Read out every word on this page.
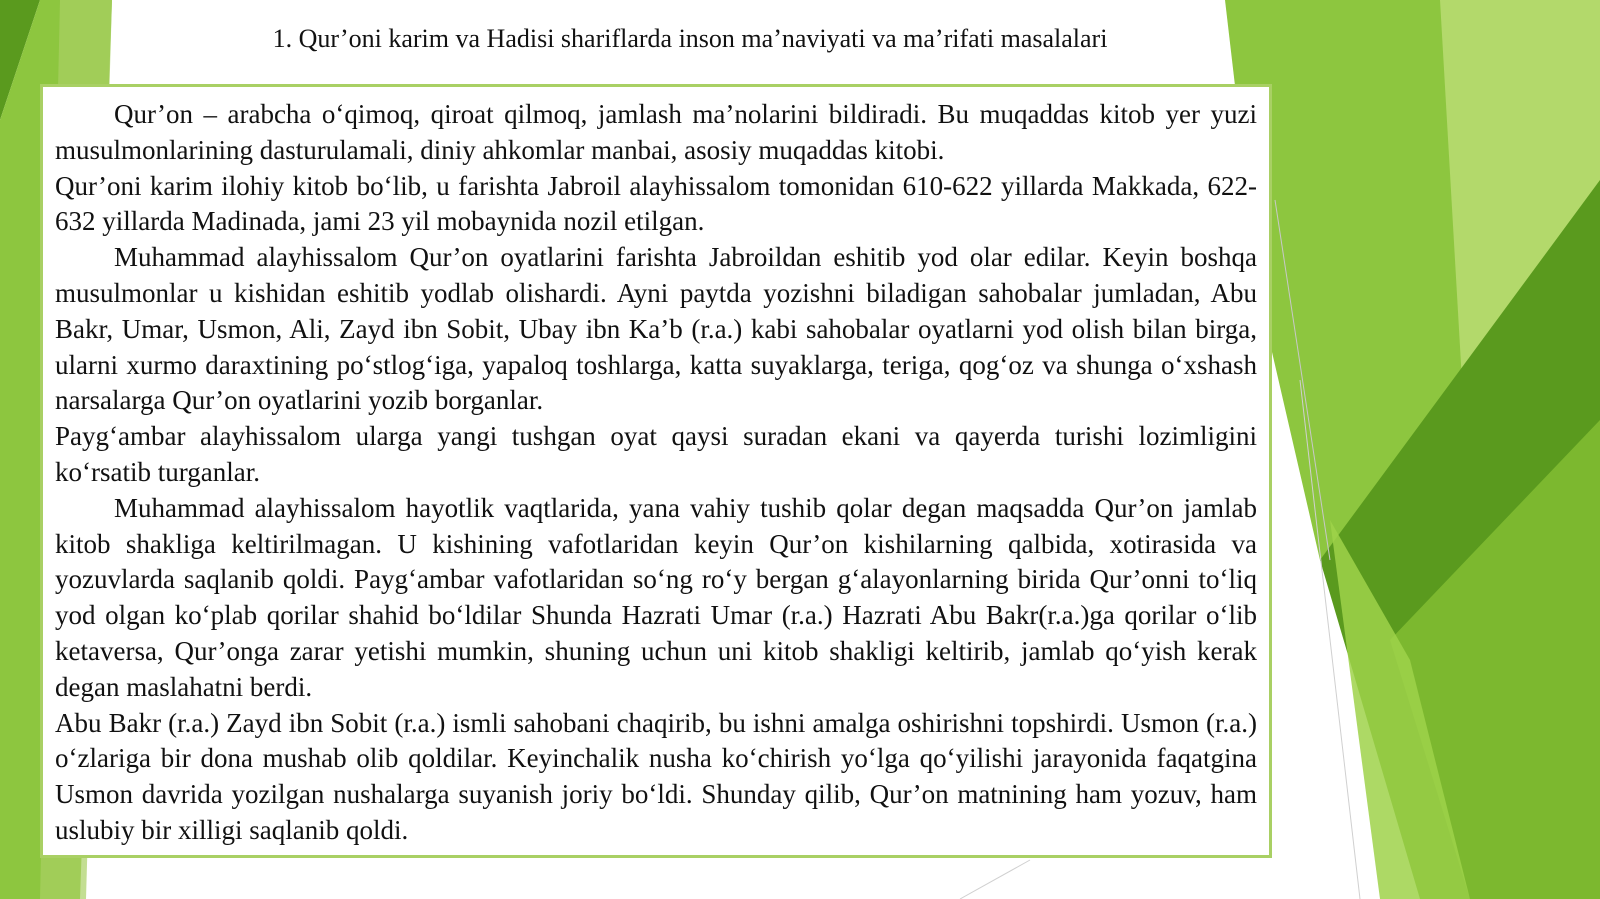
1. Qur’oni karim va Hadisi shariflarda inson ma’naviyati va ma’rifati masalalari

Qur’on – arabcha o‘qimoq, qiroat qilmoq, jamlash ma’nolarini bildiradi. Bu muqaddas kitob yer yuzi musulmonlarining dasturulamali, diniy ahkomlar manbai, asosiy muqaddas kitobi.

Qur’oni karim ilohiy kitob bo‘lib, u farishta Jabroil alayhissalom tomonidan 610-622 yillarda Makkada, 622-632 yillarda Madinada, jami 23 yil mobaynida nozil etilgan.

Muhammad alayhissalom Qur’on oyatlarini farishta Jabroildan eshitib yod olar edilar. Keyin boshqa musulmonlar u kishidan eshitib yodlab olishardi. Ayni paytda yozishni biladigan sahobalar jumladan, Abu Bakr, Umar, Usmon, Ali, Zayd ibn Sobit, Ubay ibn Ka’b (r.a.) kabi sahobalar oyatlarni yod olish bilan birga, ularni xurmo daraxtining po‘stlog‘iga, yapaloq toshlarga, katta suyaklarga, teriga, qog‘oz va shunga o‘xshash narsalarga Qur’on oyatlarini yozib borganlar.

Payg‘ambar alayhissalom ularga yangi tushgan oyat qaysi suradan ekani va qayerda turishi lozimligini ko‘rsatib turganlar.

Muhammad alayhissalom hayotlik vaqtlarida, yana vahiy tushib qolar degan maqsadda Qur’on jamlab kitob shakliga keltirilmagan. U kishining vafotlaridan keyin Qur’on kishilarning qalbida, xotirasida va yozuvlarda saqlanib qoldi. Payg‘ambar vafotlaridan so‘ng ro‘y bergan g‘alayonlarning birida Qur’onni to‘liq yod olgan ko‘plab qorilar shahid bo‘ldilar Shunda Hazrati Umar (r.a.) Hazrati Abu Bakr(r.a.)ga qorilar o‘lib ketaversa, Qur’onga zarar yetishi mumkin, shuning uchun uni kitob shakligi keltirib, jamlab qo‘yish kerak degan maslahatni berdi.

Abu Bakr (r.a.) Zayd ibn Sobit (r.a.) ismli sahobani chaqirib, bu ishni amalga oshirishni topshirdi. Usmon (r.a.) o‘zlariga bir dona mushab olib qoldilar. Keyinchalik nusha ko‘chirish yo‘lga qo‘yilishi jarayonida faqatgina Usmon davrida yozilgan nushalarga suyanish joriy bo‘ldi. Shunday qilib, Qur’on matnining ham yozuv, ham uslubiy bir xilligi saqlanib qoldi.
